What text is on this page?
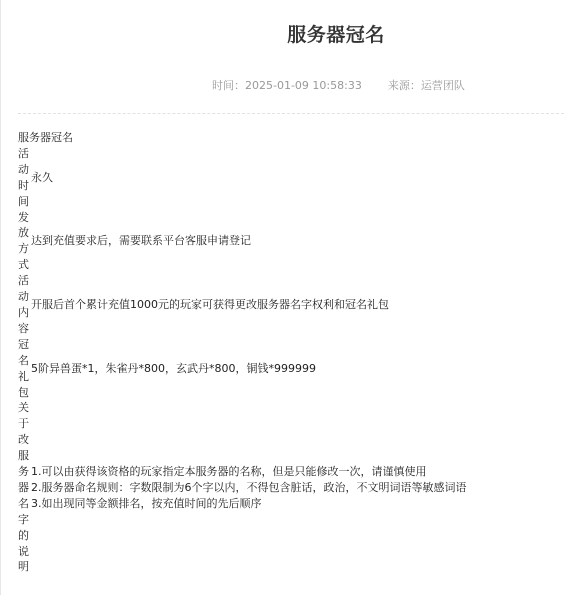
服务器冠名
时间：2025-01-09 10:58:33 来源：运营团队
服务器冠名	
活动时间	永久

发放方式	达到充值要求后，需要联系平台客服申请登记

活动内容	开服后首个累计充值1000元的玩家可获得更改服务器名字权利和冠名礼包

冠名礼包	5阶异兽蛋*1，朱雀丹*800，玄武丹*800，铜钱*999999

关于改服务器名字的说明	1.可以由获得该资格的玩家指定本服务器的名称，但是只能修改一次，请谨慎使用
2.服务器命名规则：字数限制为6个字以内，不得包含脏话，政治，不文明词语等敏感词语
3.如出现同等金额排名，按充值时间的先后顺序
